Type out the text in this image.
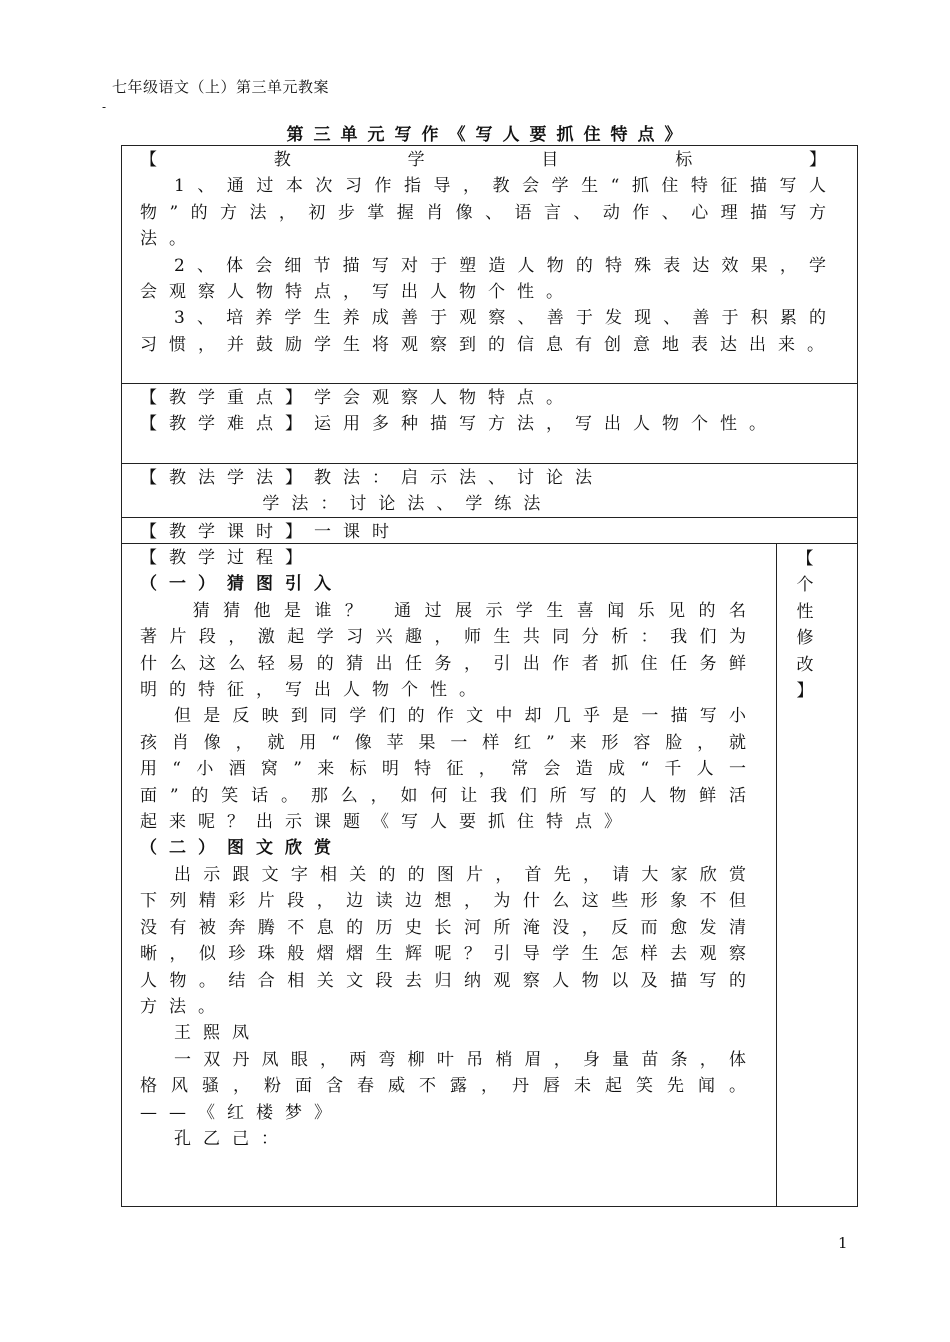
七年级语文（上）第三单元教案
-
第三单元写作《写人要抓住特点》

【教学目标】

1、通过本次习作指导，教会学生“抓住特征描写人物”的方法，初步掌握肖像、语言、动作、心理描写方法。

2、体会细节描写对于塑造人物的特殊表达效果，学会观察人物特点，写出人物个性。

3、培养学生养成善于观察、善于发现、善于积累的习惯，并鼓励学生将观察到的信息有创意地表达出来。

【教学重点】学会观察人物特点。

【教学难点】运用多种描写方法，写出人物个性。

【教法学法】教法：启示法、讨论法

学法：讨论法、学练法

【教学课时】一课时

【教学过程】

（一）猜图引入

猜猜他是谁？ 通过展示学生喜闻乐见的名著片段，激起学习兴趣，师生共同分析：我们为什么这么轻易的猜出任务，引出作者抓住任务鲜明的特征，写出人物个性。

但是反映到同学们的作文中却几乎是一描写小孩肖像，就用“像苹果一样红”来形容脸，就用“小酒窝”来标明特征，常会造成“千人一面”的笑话。那么，如何让我们所写的人物鲜活起来呢？出示课题《写人要抓住特点》

（二）图文欣赏

出示跟文字相关的的图片，首先，请大家欣赏下列精彩片段，边读边想，为什么这些形象不但没有被奔腾不息的历史长河所淹没，反而愈发清晰，似珍珠般熠熠生辉呢？引导学生怎样去观察人物。结合相关文段去归纳观察人物以及描写的方法。

王熙凤

一双丹凤眼，两弯柳叶吊梢眉，身量苗条，体格风骚，粉面含春威不露，丹唇未起笑先闻。——《红楼梦》

孔乙己：

【
个
性
修
改
】
1
